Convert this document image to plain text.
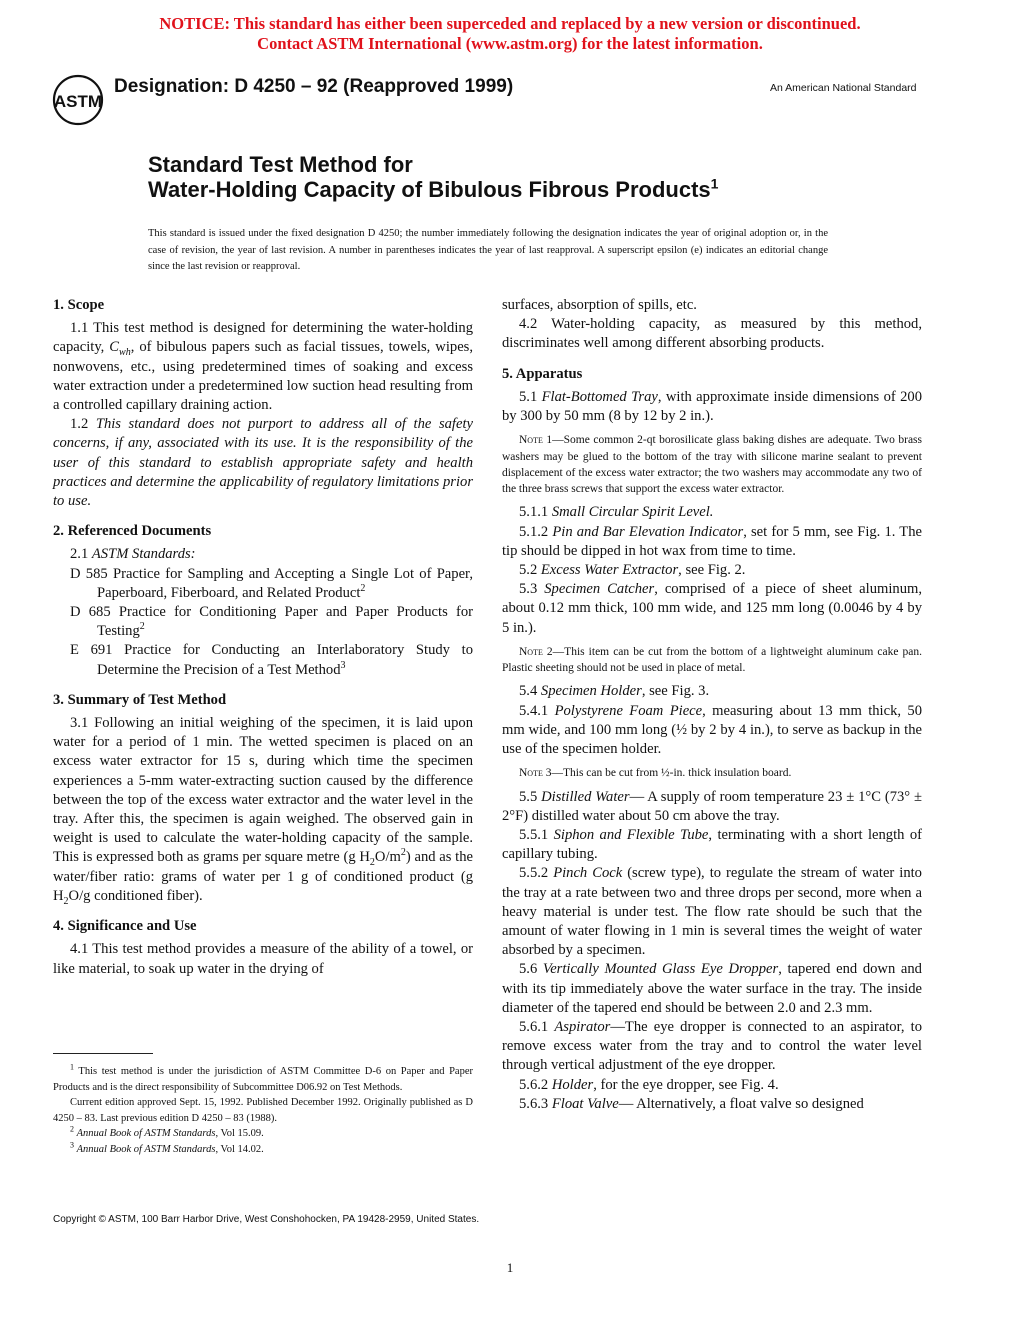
NOTICE: This standard has either been superceded and replaced by a new version or discontinued.
Contact ASTM International (www.astm.org) for the latest information.
ASTM
Designation: D 4250 – 92 (Reapproved 1999)	An American National Standard
Standard Test Method for
Water-Holding Capacity of Bibulous Fibrous Products$^1$
This standard is issued under the fixed designation D 4250; the number immediately following the designation indicates the year of original adoption or, in the case of revision, the year of last revision. A number in parentheses indicates the year of last reapproval. A superscript epsilon (e) indicates an editorial change since the last revision or reapproval.

1. Scope

1.1 This test method is designed for determining the water-holding capacity, $C_{wh}$, of bibulous papers such as facial tissues, towels, wipes, nonwovens, etc., using predetermined times of soaking and excess water extraction under a predetermined low suction head resulting from a controlled capillary draining action.

1.2 This standard does not purport to address all of the safety concerns, if any, associated with its use. It is the responsibility of the user of this standard to establish appropriate safety and health practices and determine the applicability of regulatory limitations prior to use.

2. Referenced Documents

2.1 ASTM Standards:

D 585 Practice for Sampling and Accepting a Single Lot of Paper, Paperboard, Fiberboard, and Related Product$^2$

D 685 Practice for Conditioning Paper and Paper Products for Testing$^2$

E 691 Practice for Conducting an Interlaboratory Study to Determine the Precision of a Test Method$^3$

3. Summary of Test Method

3.1 Following an initial weighing of the specimen, it is laid upon water for a period of 1 min. The wetted specimen is placed on an excess water extractor for 15 s, during which time the specimen experiences a 5-mm water-extracting suction caused by the difference between the top of the excess water extractor and the water level in the tray. After this, the specimen is again weighed. The observed gain in weight is used to calculate the water-holding capacity of the sample. This is expressed both as grams per square metre (g $H_2O/m^2$) and as the water/fiber ratio: grams of water per 1 g of conditioned product (g $H_2O/g$ conditioned fiber).

4. Significance and Use

4.1 This test method provides a measure of the ability of a towel, or like material, to soak up water in the drying of

$^1$ This test method is under the jurisdiction of ASTM Committee D-6 on Paper and Paper Products and is the direct responsibility of Subcommittee D06.92 on Test Methods.

Current edition approved Sept. 15, 1992. Published December 1992. Originally published as D 4250 – 83. Last previous edition D 4250 – 83 (1988).

$^2$ Annual Book of ASTM Standards, Vol 15.09.

$^3$ Annual Book of ASTM Standards, Vol 14.02.

surfaces, absorption of spills, etc.

4.2 Water-holding capacity, as measured by this method, discriminates well among different absorbing products.

5. Apparatus

5.1 Flat-Bottomed Tray, with approximate inside dimensions of 200 by 300 by 50 mm (8 by 12 by 2 in.).

Note 1—Some common 2-qt borosilicate glass baking dishes are adequate. Two brass washers may be glued to the bottom of the tray with silicone marine sealant to prevent displacement of the excess water extractor; the two washers may accommodate any two of the three brass screws that support the excess water extractor.

5.1.1 Small Circular Spirit Level.

5.1.2 Pin and Bar Elevation Indicator, set for 5 mm, see Fig. 1. The tip should be dipped in hot wax from time to time.

5.2 Excess Water Extractor, see Fig. 2.

5.3 Specimen Catcher, comprised of a piece of sheet aluminum, about 0.12 mm thick, 100 mm wide, and 125 mm long (0.0046 by 4 by 5 in.).

Note 2—This item can be cut from the bottom of a lightweight aluminum cake pan. Plastic sheeting should not be used in place of metal.

5.4 Specimen Holder, see Fig. 3.

5.4.1 Polystyrene Foam Piece, measuring about 13 mm thick, 50 mm wide, and 100 mm long (½ by 2 by 4 in.), to serve as backup in the use of the specimen holder.

Note 3—This can be cut from ½-in. thick insulation board.

5.5 Distilled Water— A supply of room temperature 23 ± 1°C (73° ± 2°F) distilled water about 50 cm above the tray.

5.5.1 Siphon and Flexible Tube, terminating with a short length of capillary tubing.

5.5.2 Pinch Cock (screw type), to regulate the stream of water into the tray at a rate between two and three drops per second, more when a heavy material is under test. The flow rate should be such that the amount of water flowing in 1 min is several times the weight of water absorbed by a specimen.

5.6 Vertically Mounted Glass Eye Dropper, tapered end down and with its tip immediately above the water surface in the tray. The inside diameter of the tapered end should be between 2.0 and 2.3 mm.

5.6.1 Aspirator—The eye dropper is connected to an aspirator, to remove excess water from the tray and to control the water level through vertical adjustment of the eye dropper.

5.6.2 Holder, for the eye dropper, see Fig. 4.

5.6.3 Float Valve— Alternatively, a float valve so designed

Copyright © ASTM, 100 Barr Harbor Drive, West Conshohocken, PA 19428-2959, United States.
1
